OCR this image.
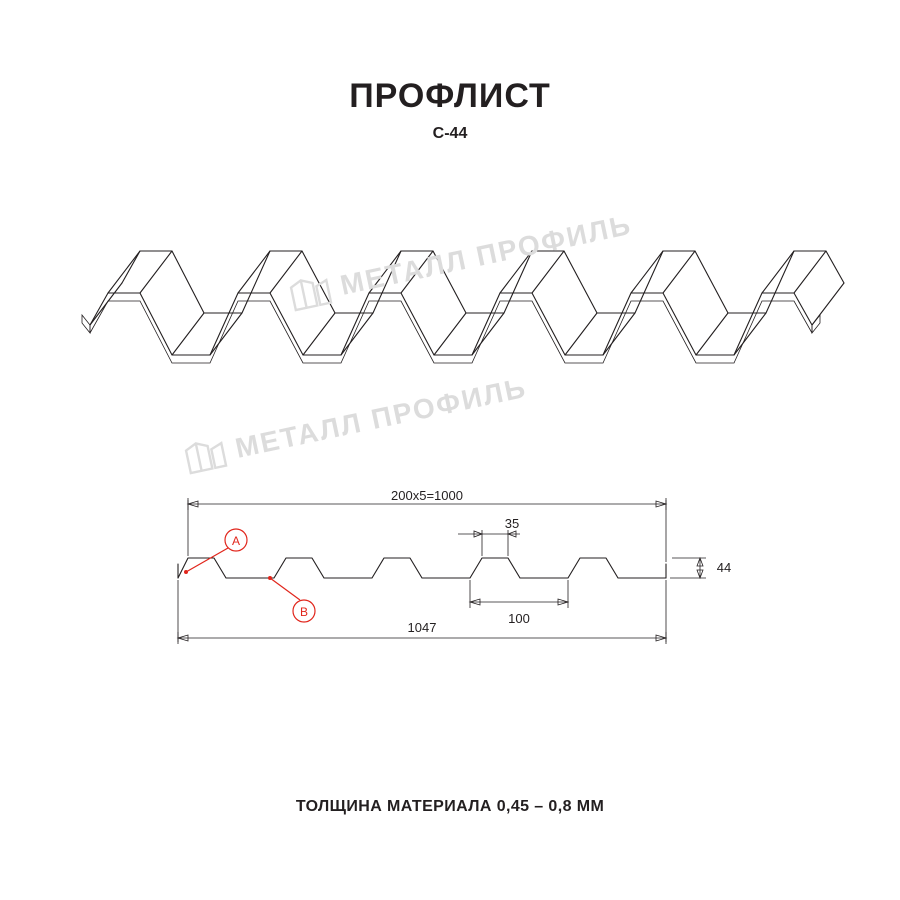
ПРОФЛИСТ
С-44
МЕТАЛЛ ПРОФИЛЬ
МЕТАЛЛ ПРОФИЛЬ
200x5=1000
35
44
100
1047
A
B
ТОЛЩИНА МАТЕРИАЛА 0,45 – 0,8 ММ
